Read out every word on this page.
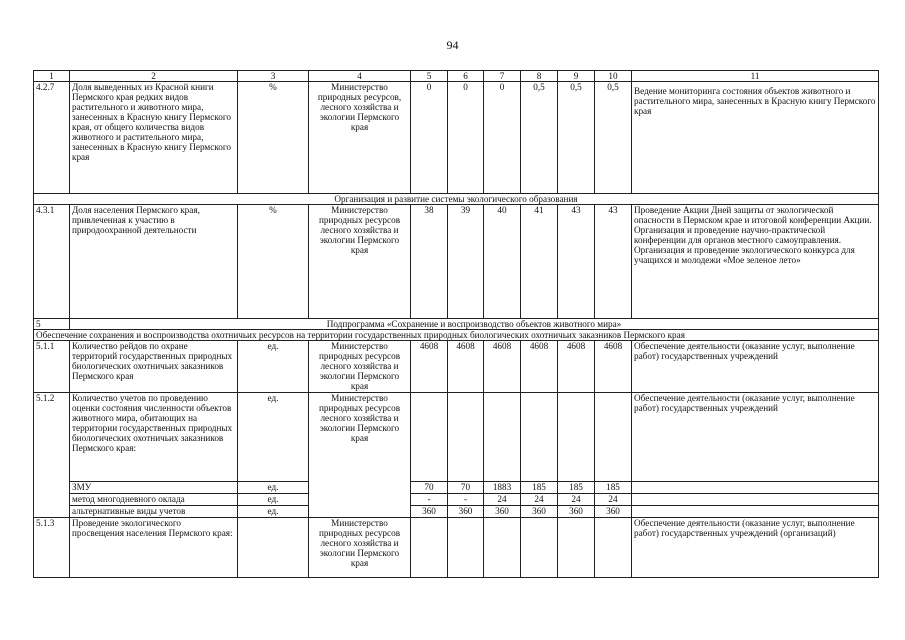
94
1	2	3	4	5	6	7	8	9	10	11
4.2.7	Доля выведенных из Красной книги Пермского края редких видов растительного и животного мира, занесенных в Красную книгу Пермского края, от общего количества видов животного и растительного мира, занесенных в Красную книгу Пермского края	%	Министерство природных ресурсов, лесного хозяйства и экологии Пермского края	0	0	0	0,5	0,5	0,5	Ведение мониторинга состояния объектов животного и растительного мира, занесенных в Красную книгу Пермского края
Организация и развитие системы экологического образования										
4.3.1	Доля населения Пермского края, привлеченная к участию в природоохранной деятельности	%	Министерство природных ресурсов лесного хозяйства и экологии Пермского края	38	39	40	41	43	43	Проведение Акции Дней защиты от экологической опасности в Пермском крае и итоговой конференции Акции. Организация и проведение научно-практической конференции для органов местного самоуправления. Организация и проведение экологического конкурса для учащихся и молодежи «Мое зеленое лето»
5	Подпрограмма «Сохранение и воспроизводство объектов животного мира»									
Обеспечение сохранения и воспроизводства охотничьих ресурсов на территории государственных природных биологических охотничьих заказников Пермского края										
5.1.1	Количество рейдов по охране территорий государственных природных биологических охотничьих заказников Пермского края	ед.	Министерство природных ресурсов лесного хозяйства и экологии Пермского края	4608	4608	4608	4608	4608	4608	Обеспечение деятельности (оказание услуг, выполнение работ) государственных учреждений
5.1.2	Количество учетов по проведению оценки состояния численности объектов животного мира, обитающих на территории государственных природных биологических охотничьих заказников Пермского края:	ед.	Министерство природных ресурсов лесного хозяйства и экологии Пермского края							Обеспечение деятельности (оказание услуг, выполнение работ) государственных учреждений
	ЗМУ	ед.		70	70	1883	185	185	185	
	метод многодневного оклада	ед.		-	-	24	24	24	24	
	альтернативные виды учетов	ед.		360	360	360	360	360	360	
5.1.3	Проведение экологического просвещения населения Пермского края:		Министерство природных ресурсов лесного хозяйства и экологии Пермского края							Обеспечение деятельности (оказание услуг, выполнение работ) государственных учреждений (организаций)
